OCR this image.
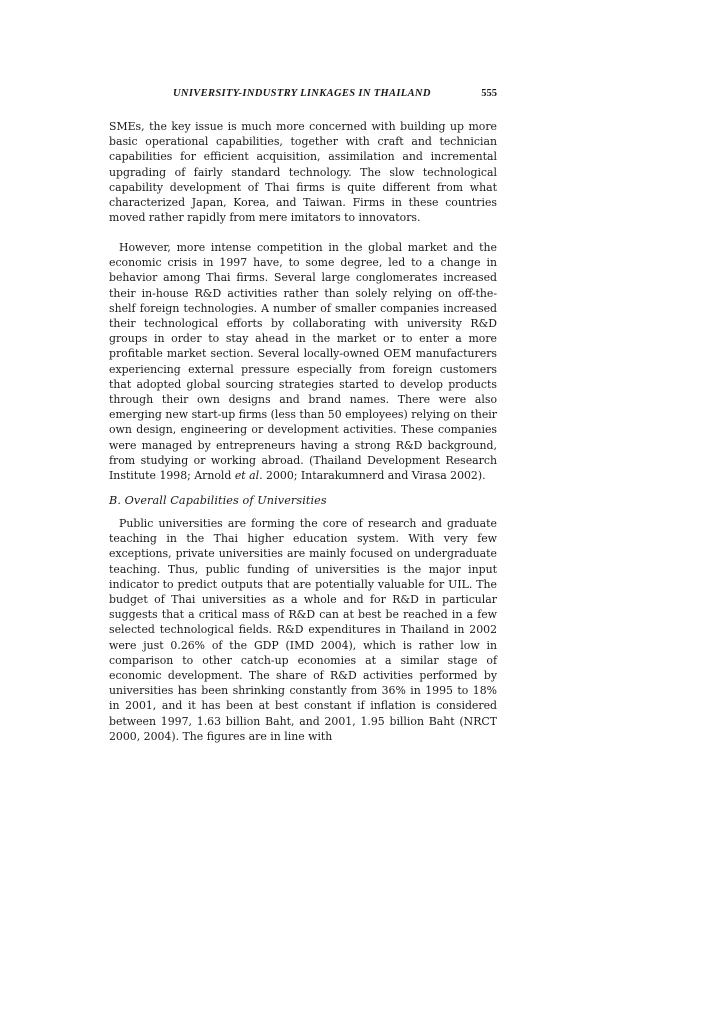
UNIVERSITY-INDUSTRY LINKAGES IN THAILAND	555

SMEs, the key issue is much more concerned with building up more basic operational capabilities, together with craft and technician capabilities for efficient acquisition, assimilation and incremental upgrading of fairly standard technology. The slow technological capability development of Thai firms is quite different from what characterized Japan, Korea, and Taiwan. Firms in these countries moved rather rapidly from mere imitators to innovators.

However, more intense competition in the global market and the economic crisis in 1997 have, to some degree, led to a change in behavior among Thai firms. Several large conglomerates increased their in-house R&D activities rather than solely relying on off-the-shelf foreign technologies. A number of smaller companies increased their technological efforts by collaborating with university R&D groups in order to stay ahead in the market or to enter a more profitable market section. Several locally-owned OEM manufacturers experiencing external pressure especially from foreign customers that adopted global sourcing strategies started to develop products through their own designs and brand names. There were also emerging new start-up firms (less than 50 employees) relying on their own design, engineering or development activities. These companies were managed by entrepreneurs having a strong R&D background, from studying or working abroad. (Thailand Development Research Institute 1998; Arnold et al. 2000; Intarakumnerd and Virasa 2002).

B. Overall Capabilities of Universities

Public universities are forming the core of research and graduate teaching in the Thai higher education system. With very few exceptions, private universities are mainly focused on undergraduate teaching. Thus, public funding of universities is the major input indicator to predict outputs that are potentially valuable for UIL. The budget of Thai universities as a whole and for R&D in particular suggests that a critical mass of R&D can at best be reached in a few selected technological fields. R&D expenditures in Thailand in 2002 were just 0.26% of the GDP (IMD 2004), which is rather low in comparison to other catch-up economies at a similar stage of economic development. The share of R&D activities performed by universities has been shrinking constantly from 36% in 1995 to 18% in 2001, and it has been at best constant if inflation is considered between 1997, 1.63 billion Baht, and 2001, 1.95 billion Baht (NRCT 2000, 2004). The figures are in line with
